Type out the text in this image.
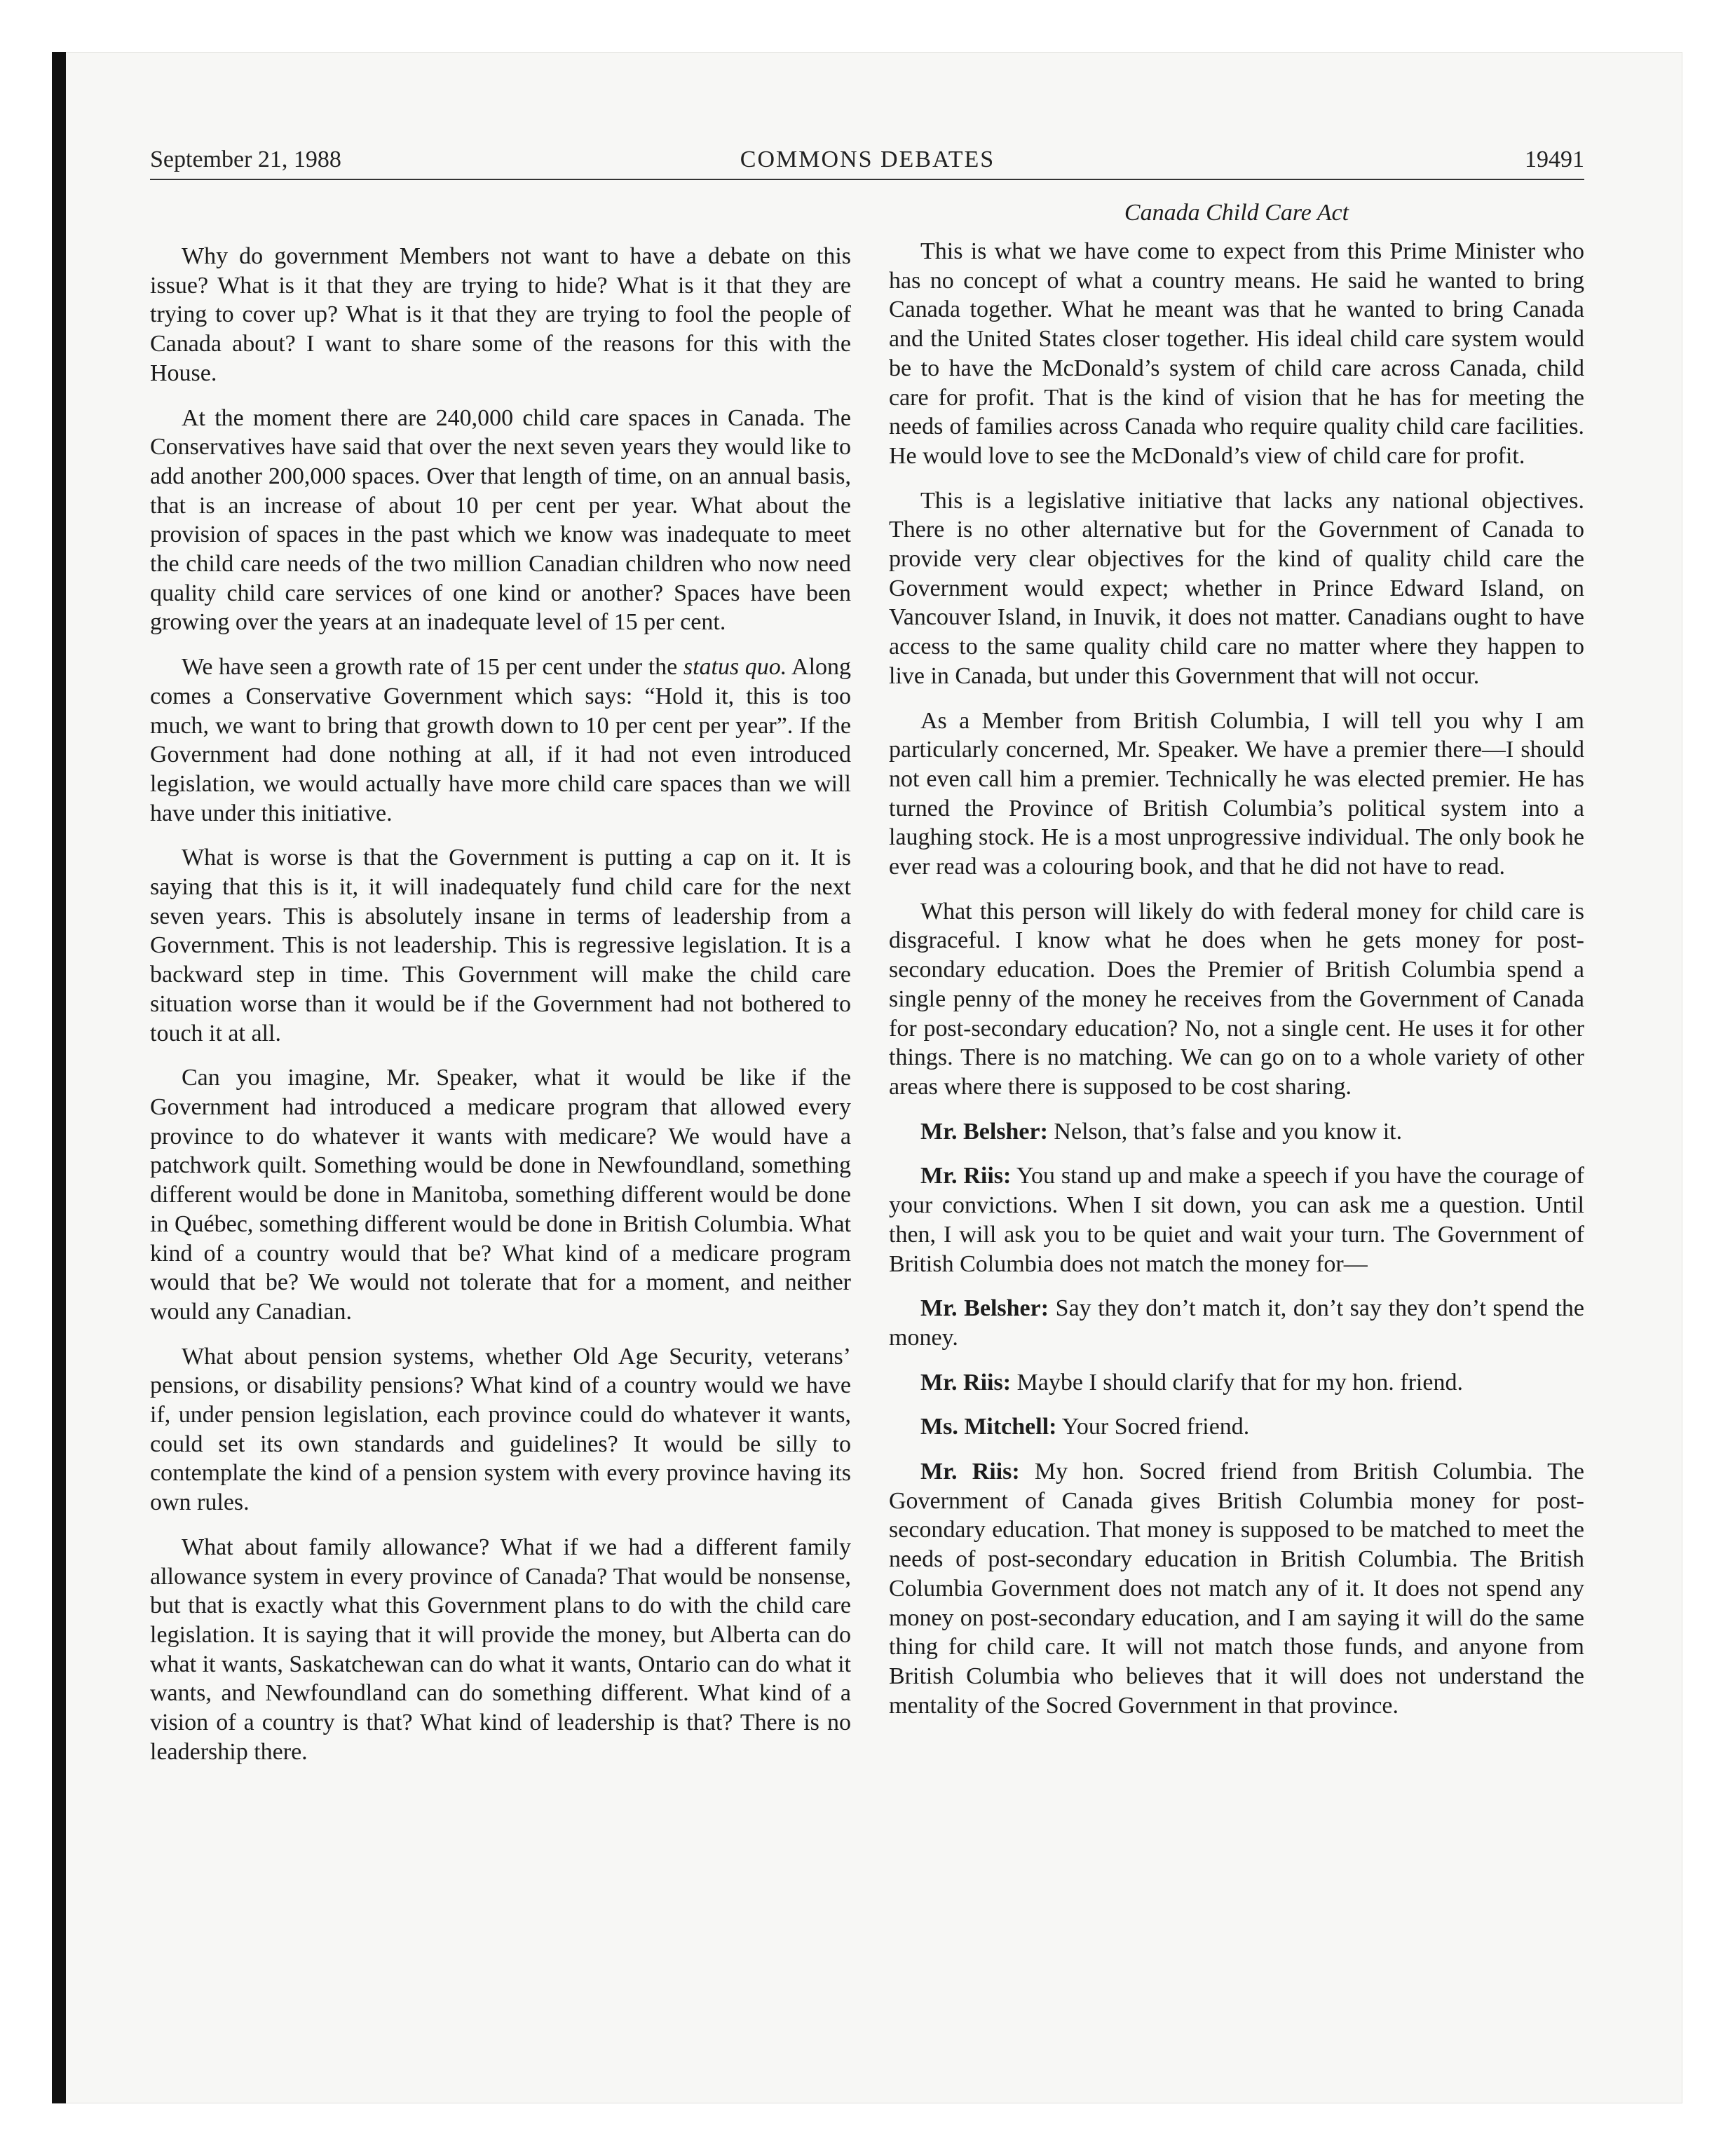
September 21, 1988	COMMONS DEBATES	19491
Canada Child Care Act

Why do government Members not want to have a debate on this issue? What is it that they are trying to hide? What is it that they are trying to cover up? What is it that they are trying to fool the people of Canada about? I want to share some of the reasons for this with the House.

At the moment there are 240,000 child care spaces in Canada. The Conservatives have said that over the next seven years they would like to add another 200,000 spaces. Over that length of time, on an annual basis, that is an increase of about 10 per cent per year. What about the provision of spaces in the past which we know was inadequate to meet the child care needs of the two million Canadian children who now need quality child care services of one kind or another? Spaces have been growing over the years at an inadequate level of 15 per cent.

We have seen a growth rate of 15 per cent under the status quo. Along comes a Conservative Government which says: “Hold it, this is too much, we want to bring that growth down to 10 per cent per year”. If the Government had done nothing at all, if it had not even introduced legislation, we would actually have more child care spaces than we will have under this initiative.

What is worse is that the Government is putting a cap on it. It is saying that this is it, it will inadequately fund child care for the next seven years. This is absolutely insane in terms of leadership from a Government. This is not leadership. This is regressive legislation. It is a backward step in time. This Government will make the child care situation worse than it would be if the Government had not bothered to touch it at all.

Can you imagine, Mr. Speaker, what it would be like if the Government had introduced a medicare program that allowed every province to do whatever it wants with medicare? We would have a patchwork quilt. Something would be done in Newfoundland, something different would be done in Manitoba, something different would be done in Québec, something different would be done in British Columbia. What kind of a country would that be? What kind of a medicare program would that be? We would not tolerate that for a moment, and neither would any Canadian.

What about pension systems, whether Old Age Security, veterans’ pensions, or disability pensions? What kind of a country would we have if, under pension legislation, each province could do whatever it wants, could set its own standards and guidelines? It would be silly to contemplate the kind of a pension system with every province having its own rules.

What about family allowance? What if we had a different family allowance system in every province of Canada? That would be nonsense, but that is exactly what this Government plans to do with the child care legislation. It is saying that it will provide the money, but Alberta can do what it wants, Saskatchewan can do what it wants, Ontario can do what it wants, and Newfoundland can do something different. What kind of a vision of a country is that? What kind of leadership is that? There is no leadership there.

This is what we have come to expect from this Prime Minister who has no concept of what a country means. He said he wanted to bring Canada together. What he meant was that he wanted to bring Canada and the United States closer together. His ideal child care system would be to have the McDonald’s system of child care across Canada, child care for profit. That is the kind of vision that he has for meeting the needs of families across Canada who require quality child care facilities. He would love to see the McDonald’s view of child care for profit.

This is a legislative initiative that lacks any national objectives. There is no other alternative but for the Government of Canada to provide very clear objectives for the kind of quality child care the Government would expect; whether in Prince Edward Island, on Vancouver Island, in Inuvik, it does not matter. Canadians ought to have access to the same quality child care no matter where they happen to live in Canada, but under this Government that will not occur.

As a Member from British Columbia, I will tell you why I am particularly concerned, Mr. Speaker. We have a premier there—I should not even call him a premier. Technically he was elected premier. He has turned the Province of British Columbia’s political system into a laughing stock. He is a most unprogressive individual. The only book he ever read was a colouring book, and that he did not have to read.

What this person will likely do with federal money for child care is disgraceful. I know what he does when he gets money for post-secondary education. Does the Premier of British Columbia spend a single penny of the money he receives from the Government of Canada for post-secondary education? No, not a single cent. He uses it for other things. There is no matching. We can go on to a whole variety of other areas where there is supposed to be cost sharing.

Mr. Belsher: Nelson, that’s false and you know it.

Mr. Riis: You stand up and make a speech if you have the courage of your convictions. When I sit down, you can ask me a question. Until then, I will ask you to be quiet and wait your turn. The Government of British Columbia does not match the money for—

Mr. Belsher: Say they don’t match it, don’t say they don’t spend the money.

Mr. Riis: Maybe I should clarify that for my hon. friend.

Ms. Mitchell: Your Socred friend.

Mr. Riis: My hon. Socred friend from British Columbia. The Government of Canada gives British Columbia money for post-secondary education. That money is supposed to be matched to meet the needs of post-secondary education in British Columbia. The British Columbia Government does not match any of it. It does not spend any money on post-secondary education, and I am saying it will do the same thing for child care. It will not match those funds, and anyone from British Columbia who believes that it will does not understand the mentality of the Socred Government in that province.
